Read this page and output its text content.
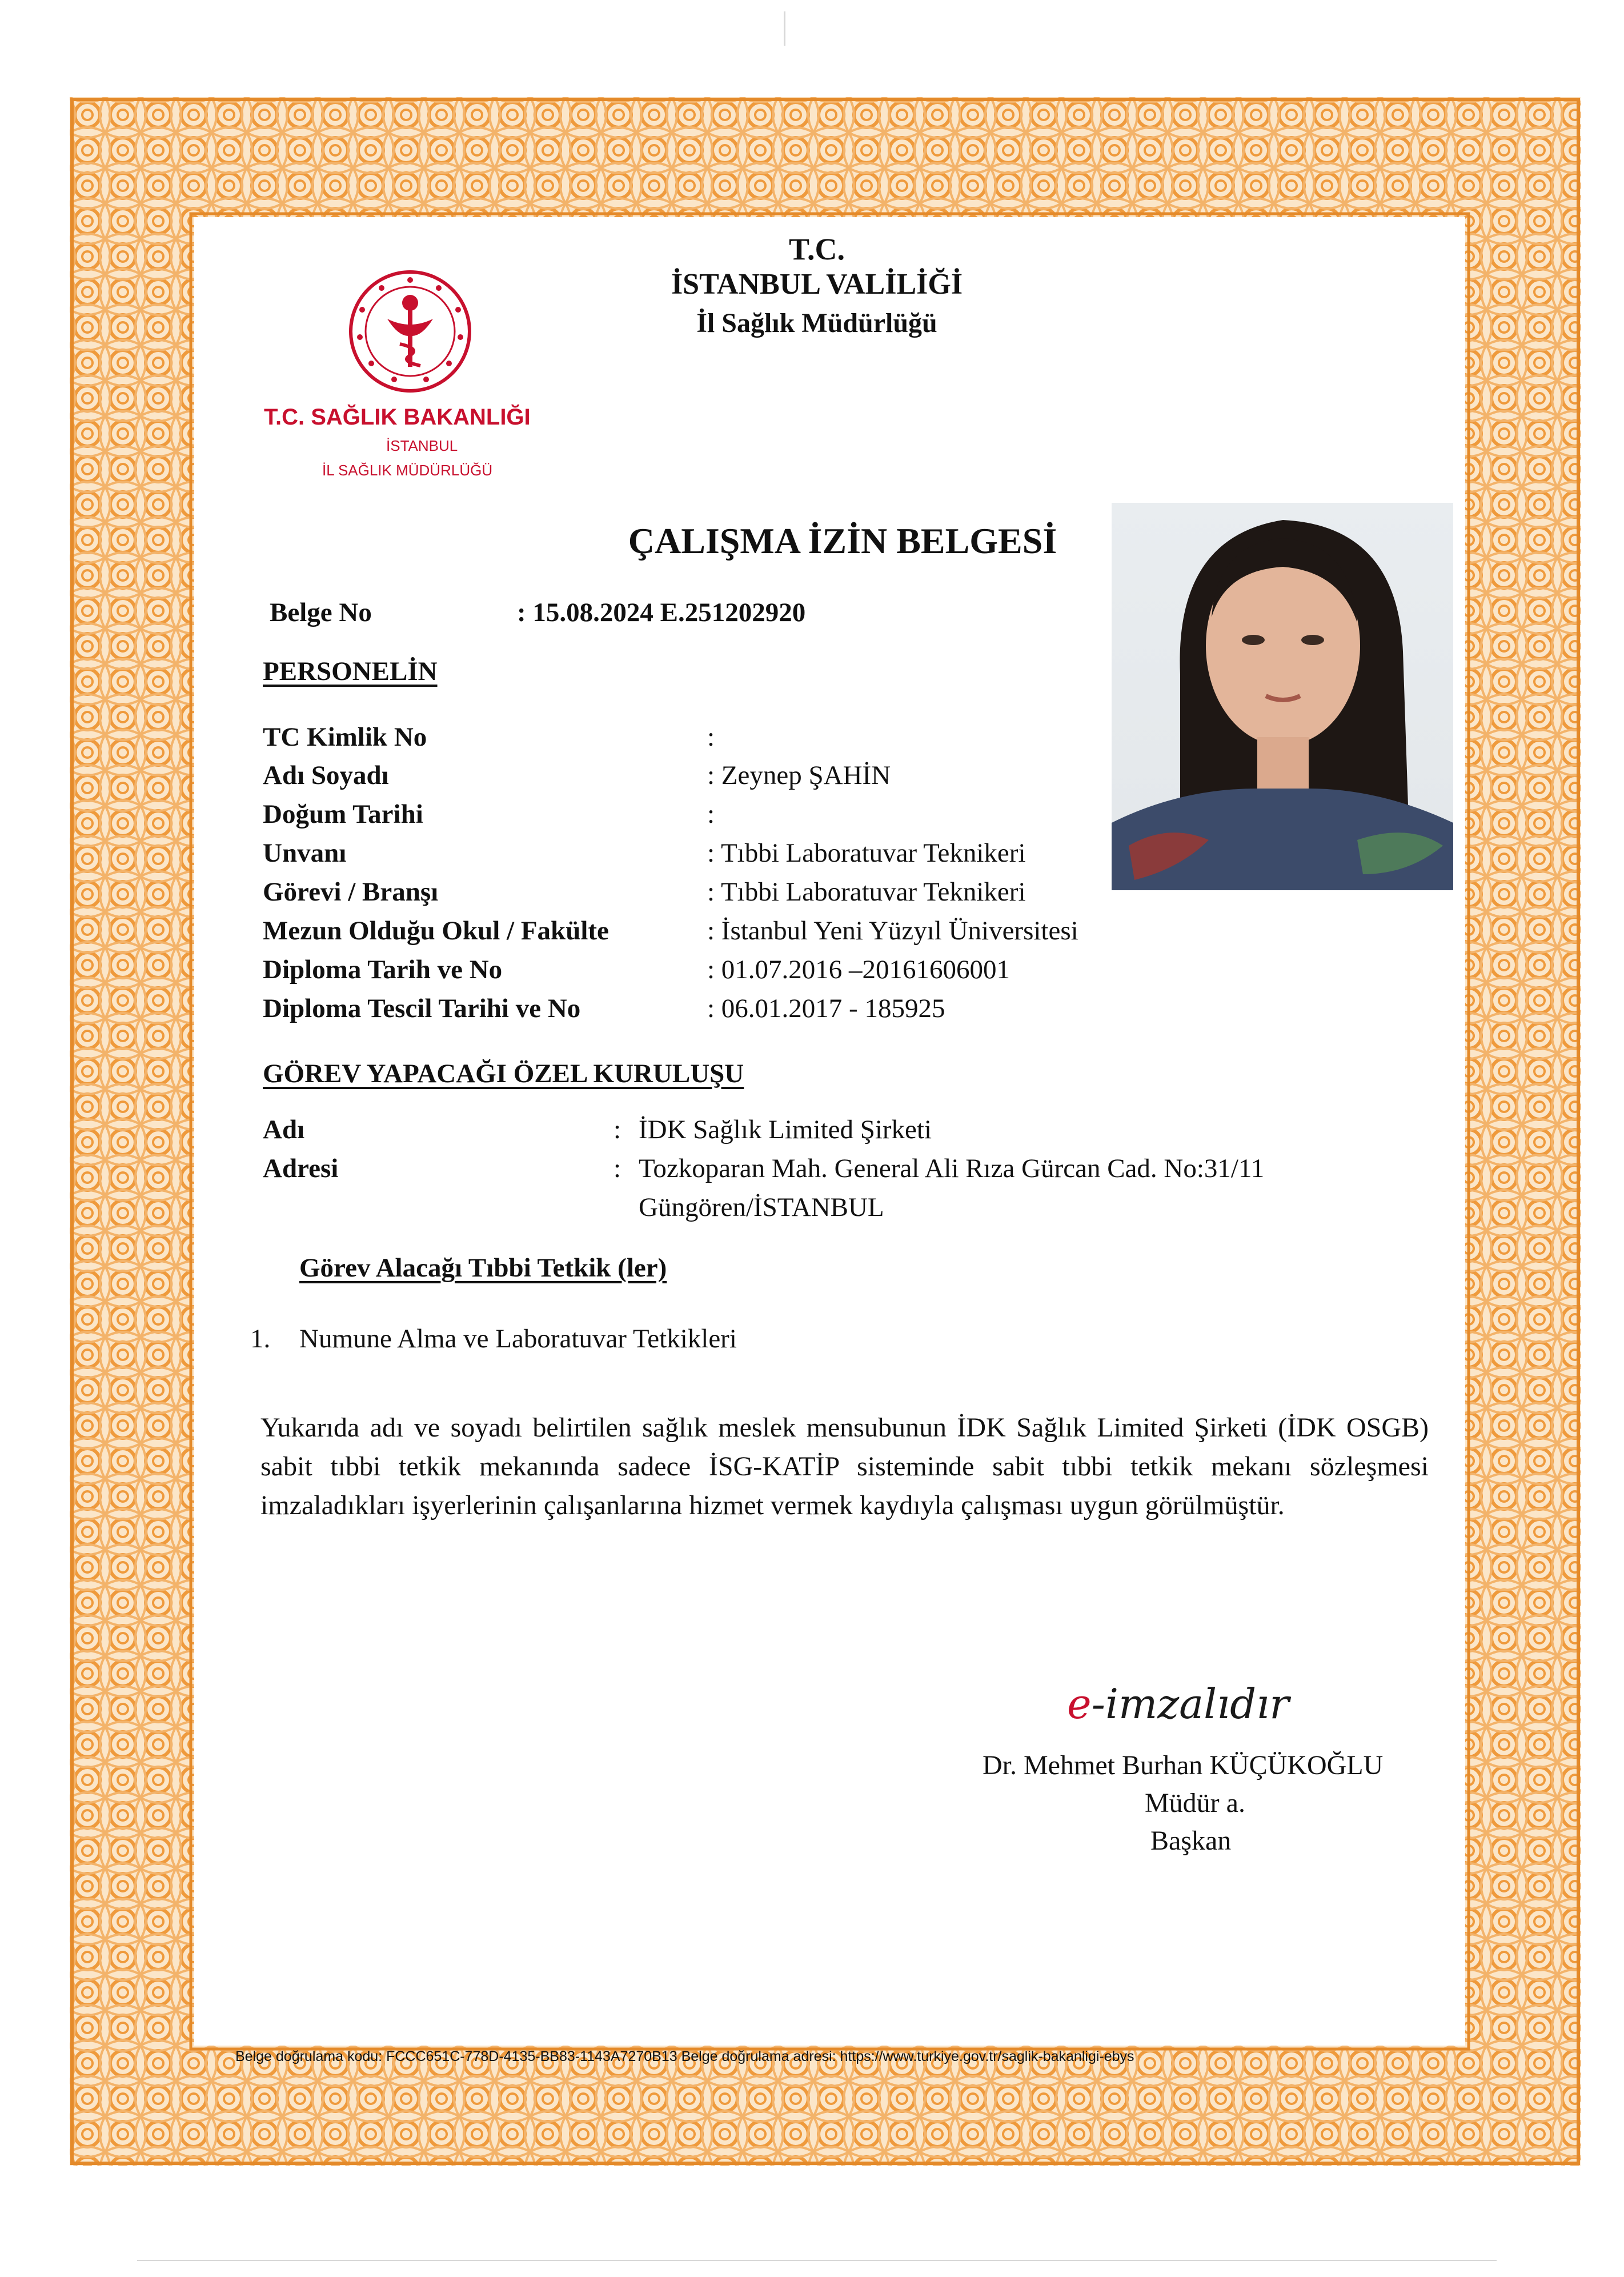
T.C.

İSTANBUL VALİLİĞİ

İl Sağlık Müdürlüğü

T.C. SAĞLIK BAKANLIĞI

İSTANBUL

İL SAĞLIK MÜDÜRLÜĞÜ

ÇALIŞMA İZİN BELGESİ

Belge No	: 15.08.2024 E.251202920

PERSONELİN

TC Kimlik No	:

Adı Soyadı	: Zeynep ŞAHİN

Doğum Tarihi	:

Unvanı	: Tıbbi Laboratuvar Teknikeri

Görevi / Branşı	: Tıbbi Laboratuvar Teknikeri

Mezun Olduğu Okul / Fakülte	: İstanbul Yeni Yüzyıl Üniversitesi

Diploma Tarih ve No	: 01.07.2016 –20161606001

Diploma Tescil Tarihi ve No	: 06.01.2017 - 185925

GÖREV YAPACAĞI ÖZEL KURULUŞU

Adı	: İDK Sağlık Limited Şirketi

Adresi	: Tozkoparan Mah. General Ali Rıza Gürcan Cad. No:31/11

Güngören/İSTANBUL

Görev Alacağı Tıbbi Tetkik (ler)

1. Numune Alma ve Laboratuvar Tetkikleri

Yukarıda adı ve soyadı belirtilen sağlık meslek mensubunun İDK Sağlık Limited Şirketi (İDK OSGB) sabit tıbbi tetkik mekanında sadece İSG-KATİP sisteminde sabit tıbbi tetkik mekanı sözleşmesi imzaladıkları işyerlerinin çalışanlarına hizmet vermek kaydıyla çalışması uygun görülmüştür.

e-imzalıdır

Dr. Mehmet Burhan KÜÇÜKOĞLU

Müdür a.

Başkan

Belge doğrulama kodu: FCCC651C-778D-4135-BB83-1143A7270B13 Belge doğrulama adresi: https://www.turkiye.gov.tr/saglik-bakanligi-ebys
